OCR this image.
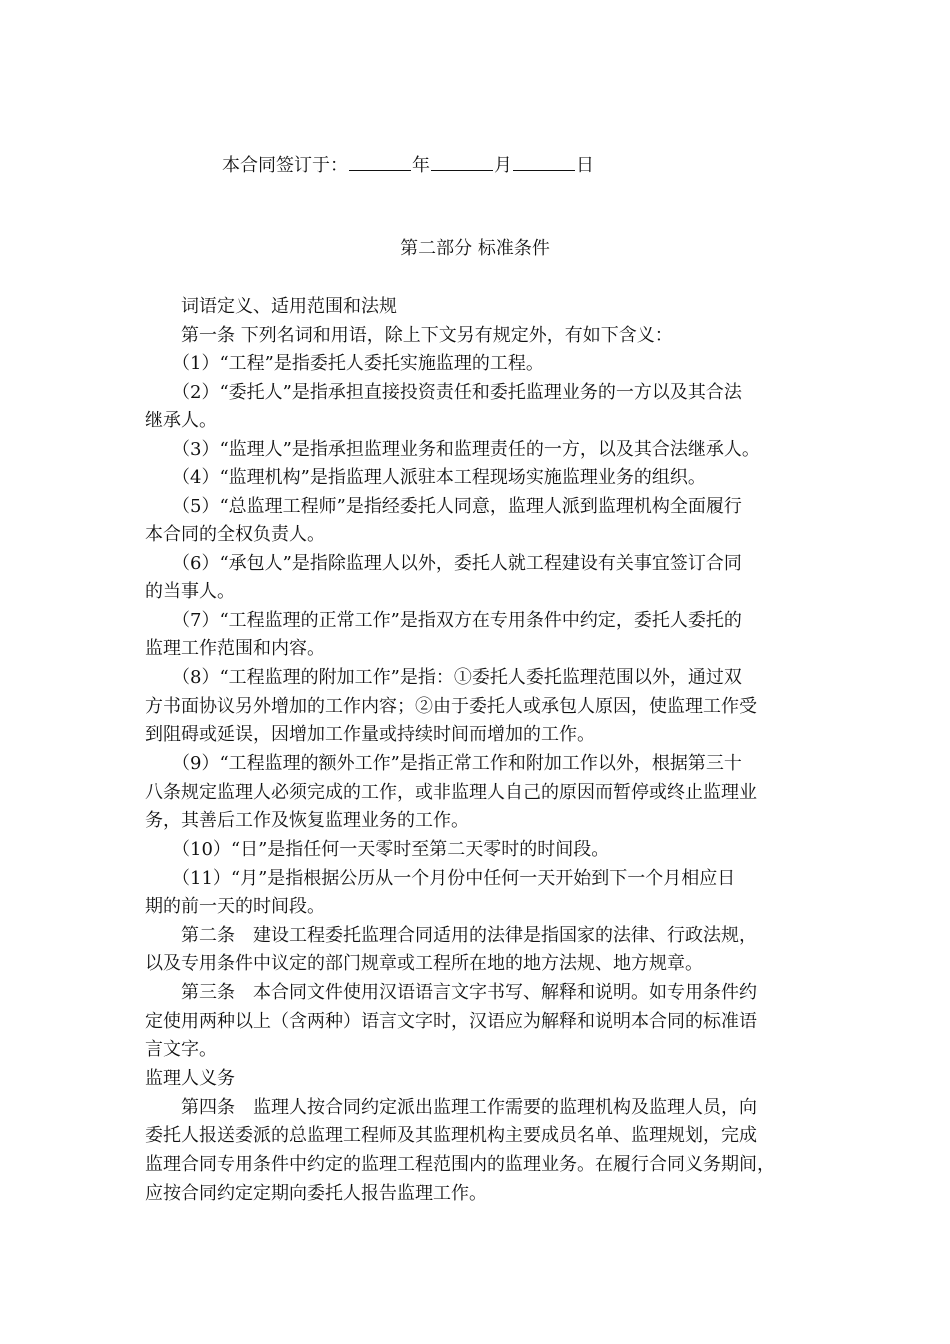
本合同签订于：	年	月	日
第二部分 标准条件
　　词语定义、适用范围和法规
　　第一条 下列名词和用语，除上下文另有规定外，有如下含义：
　　（1）“工程”是指委托人委托实施监理的工程。
　　（2）“委托人”是指承担直接投资责任和委托监理业务的一方以及其合法
继承人。
　　（3）“监理人”是指承担监理业务和监理责任的一方，以及其合法继承人。
　　（4）“监理机构”是指监理人派驻本工程现场实施监理业务的组织。
　　（5）“总监理工程师”是指经委托人同意，监理人派到监理机构全面履行
本合同的全权负责人。
　　（6）“承包人”是指除监理人以外，委托人就工程建设有关事宜签订合同
的当事人。
　　（7）“工程监理的正常工作”是指双方在专用条件中约定，委托人委托的
监理工作范围和内容。
　　（8）“工程监理的附加工作”是指：①委托人委托监理范围以外，通过双
方书面协议另外增加的工作内容；②由于委托人或承包人原因，使监理工作受
到阻碍或延误，因增加工作量或持续时间而增加的工作。
　　（9）“工程监理的额外工作”是指正常工作和附加工作以外，根据第三十
八条规定监理人必须完成的工作，或非监理人自己的原因而暂停或终止监理业
务，其善后工作及恢复监理业务的工作。
　　（10）“日”是指任何一天零时至第二天零时的时间段。
　　（11）“月”是指根据公历从一个月份中任何一天开始到下一个月相应日
期的前一天的时间段。
　　第二条　建设工程委托监理合同适用的法律是指国家的法律、行政法规，
以及专用条件中议定的部门规章或工程所在地的地方法规、地方规章。
　　第三条　本合同文件使用汉语语言文字书写、解释和说明。如专用条件约
定使用两种以上（含两种）语言文字时，汉语应为解释和说明本合同的标准语
言文字。
监理人义务
　　第四条　监理人按合同约定派出监理工作需要的监理机构及监理人员，向
委托人报送委派的总监理工程师及其监理机构主要成员名单、监理规划，完成
监理合同专用条件中约定的监理工程范围内的监理业务。在履行合同义务期间，
应按合同约定定期向委托人报告监理工作。
